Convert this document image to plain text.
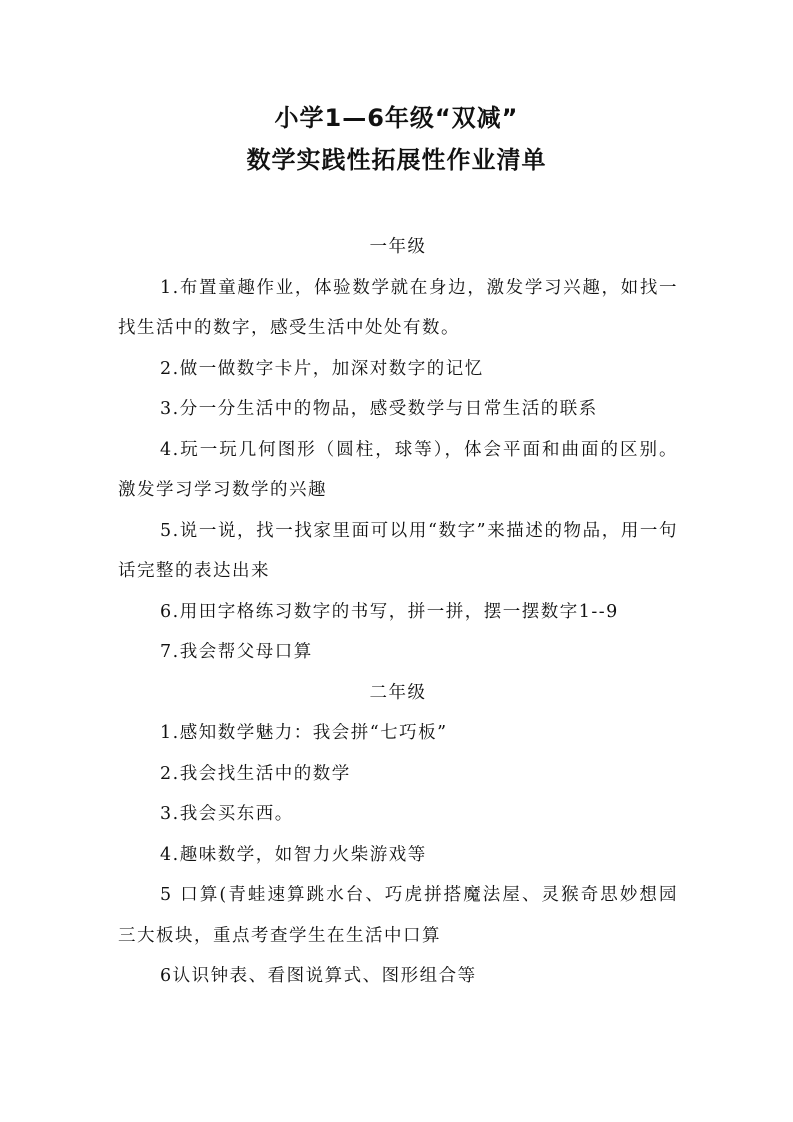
小学1—6年级“双减”
数学实践性拓展性作业清单

一年级

1.布置童趣作业，体验数学就在身边，激发学习兴趣，如找一找生活中的数字，感受生活中处处有数。

2.做一做数字卡片，加深对数字的记忆

3.分一分生活中的物品，感受数学与日常生活的联系

4.玩一玩几何图形（圆柱，球等），体会平面和曲面的区别。激发学习学习数学的兴趣

5.说一说，找一找家里面可以用“数字”来描述的物品，用一句话完整的表达出来

6.用田字格练习数字的书写，拼一拼，摆一摆数字1--9

7.我会帮父母口算

二年级

1.感知数学魅力：我会拼“七巧板”

2.我会找生活中的数学

3.我会买东西。

4.趣味数学，如智力火柴游戏等

5 口算(青蛙速算跳水台、巧虎拼搭魔法屋、灵猴奇思妙想园三大板块，重点考查学生在生活中口算

6认识钟表、看图说算式、图形组合等
